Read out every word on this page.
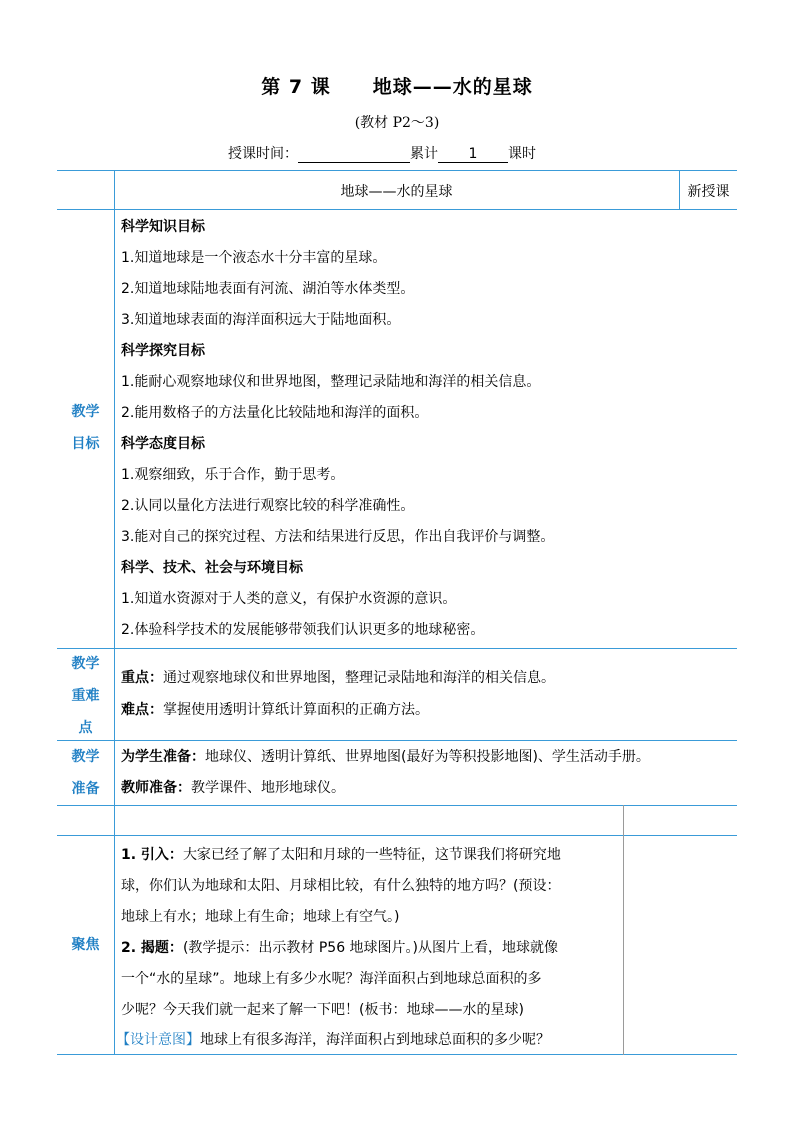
第 7 课 地球——水的星球
(教材 P2～3)
授课时间：	累计 1 课时
地球——水的星球	新授课
教学
目标
科学知识目标
1.知道地球是一个液态水十分丰富的星球。
2.知道地球陆地表面有河流、湖泊等水体类型。
3.知道地球表面的海洋面积远大于陆地面积。
科学探究目标
1.能耐心观察地球仪和世界地图，整理记录陆地和海洋的相关信息。
2.能用数格子的方法量化比较陆地和海洋的面积。
科学态度目标
1.观察细致，乐于合作，勤于思考。
2.认同以量化方法进行观察比较的科学准确性。
3.能对自己的探究过程、方法和结果进行反思，作出自我评价与调整。
科学、技术、社会与环境目标
1.知道水资源对于人类的意义，有保护水资源的意识。
2.体验科学技术的发展能够带领我们认识更多的地球秘密。
教学
重难
点
重点：通过观察地球仪和世界地图，整理记录陆地和海洋的相关信息。
难点：掌握使用透明计算纸计算面积的正确方法。
教学
准备
为学生准备：地球仪、透明计算纸、世界地图(最好为等积投影地图)、学生活动手册。
教师准备：教学课件、地形地球仪。
聚焦
1. 引入：大家已经了解了太阳和月球的一些特征，这节课我们将研究地
球，你们认为地球和太阳、月球相比较，有什么独特的地方吗？(预设：
地球上有水；地球上有生命；地球上有空气。)
2. 揭题：(教学提示：出示教材 P56 地球图片。)从图片上看，地球就像
一个“水的星球”。地球上有多少水呢？海洋面积占到地球总面积的多
少呢？今天我们就一起来了解一下吧！(板书：地球——水的星球)
【设计意图】地球上有很多海洋，海洋面积占到地球总面积的多少呢？
